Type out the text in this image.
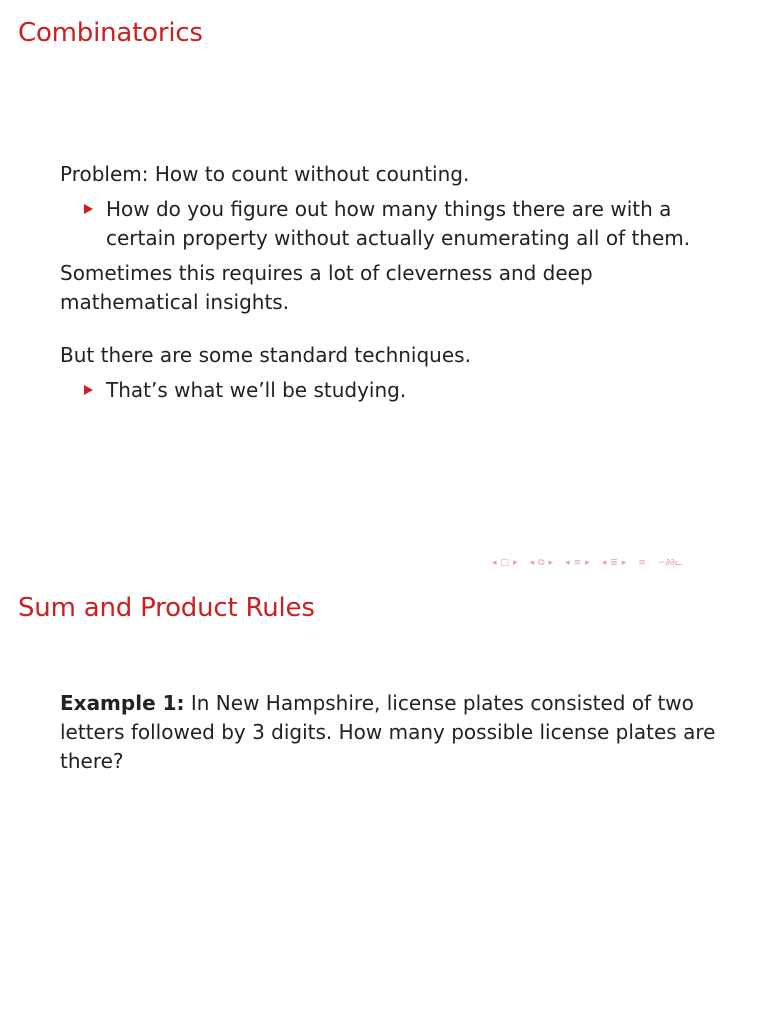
Combinatorics

Problem: How to count without counting.

How do you figure out how many things there are with a certain property without actually enumerating all of them.

Sometimes this requires a lot of cleverness and deep mathematical insights.

But there are some standard techniques.

That’s what we’ll be studying.
◂ □ ▸ ◂ ⧉ ▸ ◂ ≡ ▸ ◂ ≣ ▸ ≡ ∽∂∂ᓚ
Sum and Product Rules

Example 1: In New Hampshire, license plates consisted of two letters followed by 3 digits. How many possible license plates are there?
